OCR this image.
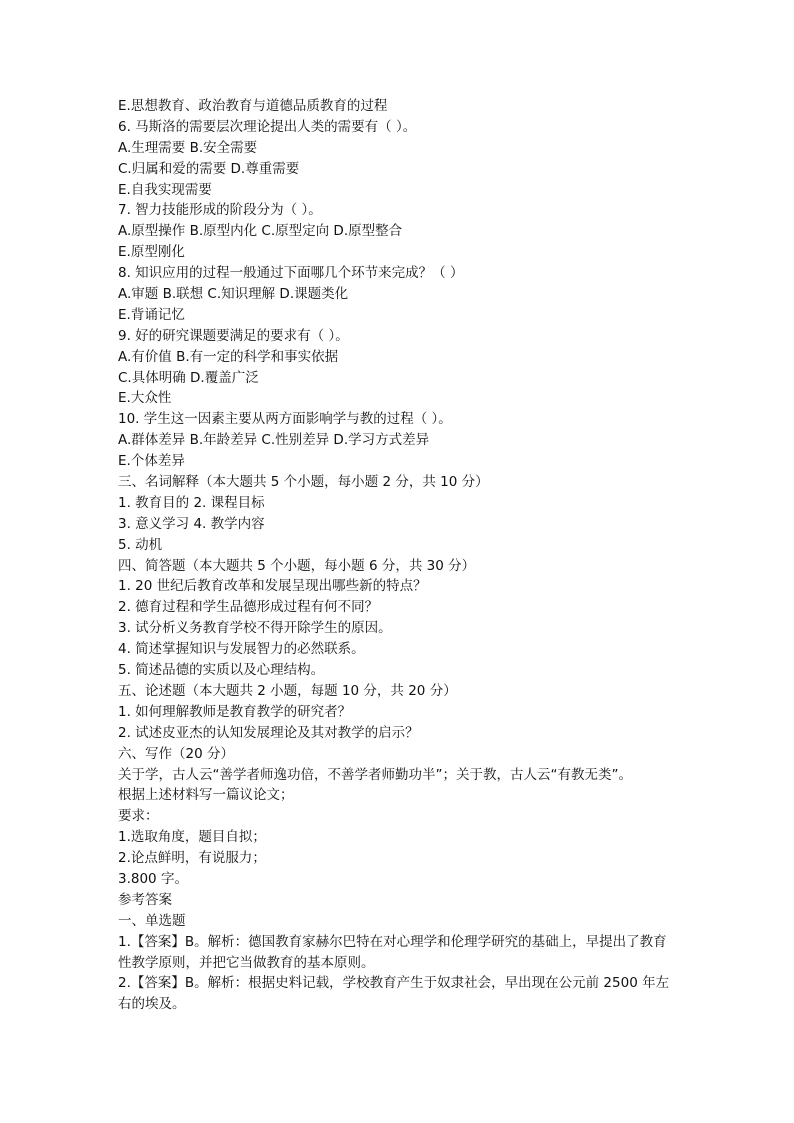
E.思想教育、政治教育与道德品质教育的过程
6. 马斯洛的需要层次理论提出人类的需要有（ ）。
A.生理需要 B.安全需要
C.归属和爱的需要 D.尊重需要
E.自我实现需要
7. 智力技能形成的阶段分为（ ）。
A.原型操作 B.原型内化 C.原型定向 D.原型整合
E.原型刚化
8. 知识应用的过程一般通过下面哪几个环节来完成？（ ）
A.审题 B.联想 C.知识理解 D.课题类化
E.背诵记忆
9. 好的研究课题要满足的要求有（ ）。
A.有价值 B.有一定的科学和事实依据
C.具体明确 D.覆盖广泛
E.大众性
10. 学生这一因素主要从两方面影响学与教的过程（ ）。
A.群体差异 B.年龄差异 C.性别差异 D.学习方式差异
E.个体差异
三、名词解释（本大题共 5 个小题，每小题 2 分，共 10 分）
1. 教育目的 2. 课程目标
3. 意义学习 4. 教学内容
5. 动机
四、简答题（本大题共 5 个小题，每小题 6 分，共 30 分）
1. 20 世纪后教育改革和发展呈现出哪些新的特点？
2. 德育过程和学生品德形成过程有何不同？
3. 试分析义务教育学校不得开除学生的原因。
4. 简述掌握知识与发展智力的必然联系。
5. 简述品德的实质以及心理结构。
五、论述题（本大题共 2 小题，每题 10 分，共 20 分）
1. 如何理解教师是教育教学的研究者？
2. 试述皮亚杰的认知发展理论及其对教学的启示？
六、写作（20 分）
关于学，古人云“善学者师逸功倍，不善学者师勤功半”；关于教，古人云“有教无类”。
根据上述材料写一篇议论文；
要求：
1.选取角度，题目自拟；
2.论点鲜明，有说服力；
3.800 字。
参考答案
一、单选题
1.【答案】B。解析：德国教育家赫尔巴特在对心理学和伦理学研究的基础上，早提出了教育性教学原则，并把它当做教育的基本原则。
2.【答案】B。解析：根据史料记载，学校教育产生于奴隶社会，早出现在公元前 2500 年左右的埃及。
